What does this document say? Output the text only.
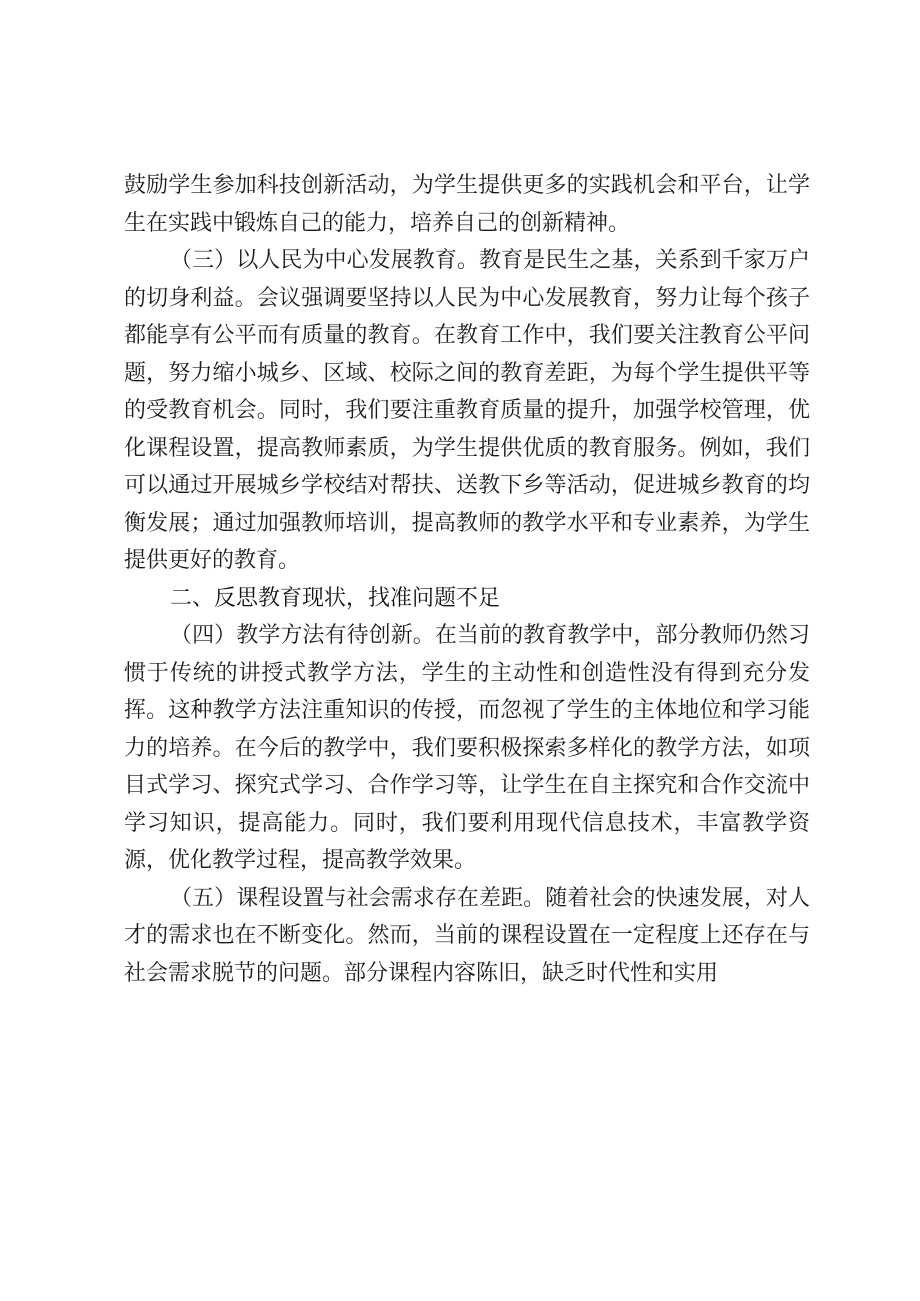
鼓励学生参加科技创新活动，为学生提供更多的实践机会和平台，让学生在实践中锻炼自己的能力，培养自己的创新精神。

（三）以人民为中心发展教育。教育是民生之基，关系到千家万户的切身利益。会议强调要坚持以人民为中心发展教育，努力让每个孩子都能享有公平而有质量的教育。在教育工作中，我们要关注教育公平问题，努力缩小城乡、区域、校际之间的教育差距，为每个学生提供平等的受教育机会。同时，我们要注重教育质量的提升，加强学校管理，优化课程设置，提高教师素质，为学生提供优质的教育服务。例如，我们可以通过开展城乡学校结对帮扶、送教下乡等活动，促进城乡教育的均衡发展；通过加强教师培训，提高教师的教学水平和专业素养，为学生提供更好的教育。

二、反思教育现状，找准问题不足

（四）教学方法有待创新。在当前的教育教学中，部分教师仍然习惯于传统的讲授式教学方法，学生的主动性和创造性没有得到充分发挥。这种教学方法注重知识的传授，而忽视了学生的主体地位和学习能力的培养。在今后的教学中，我们要积极探索多样化的教学方法，如项目式学习、探究式学习、合作学习等，让学生在自主探究和合作交流中学习知识，提高能力。同时，我们要利用现代信息技术，丰富教学资源，优化教学过程，提高教学效果。

（五）课程设置与社会需求存在差距。随着社会的快速发展，对人才的需求也在不断变化。然而，当前的课程设置在一定程度上还存在与社会需求脱节的问题。部分课程内容陈旧，缺乏时代性和实用
